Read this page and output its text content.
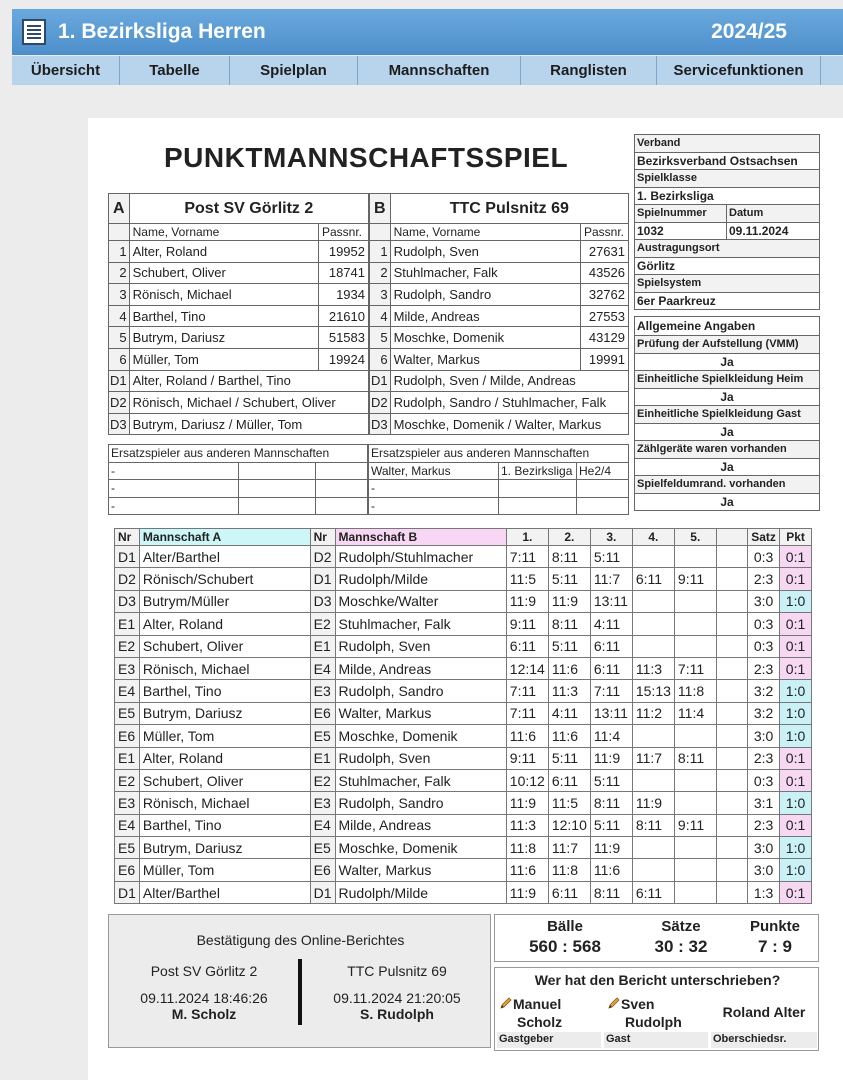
1. Bezirksliga Herren	2024/25
Übersicht	Tabelle	Spielplan	Mannschaften	Ranglisten	Servicefunktionen
PUNKTMANNSCHAFTSSPIEL
A	Post SV Görlitz 2	
	Name, Vorname	Passnr.
1	Alter, Roland	19952
2	Schubert, Oliver	18741
3	Rönisch, Michael	1934
4	Barthel, Tino	21610
5	Butrym, Dariusz	51583
6	Müller, Tom	19924
D1	Alter, Roland / Barthel, Tino	
D2	Rönisch, Michael / Schubert, Oliver	
D3	Butrym, Dariusz / Müller, Tom	
B	TTC Pulsnitz 69	
	Name, Vorname	Passnr.
1	Rudolph, Sven	27631
2	Stuhlmacher, Falk	43526
3	Rudolph, Sandro	32762
4	Milde, Andreas	27553
5	Moschke, Domenik	43129
6	Walter, Markus	19991
D1	Rudolph, Sven / Milde, Andreas	
D2	Rudolph, Sandro / Stuhlmacher, Falk	
D3	Moschke, Domenik / Walter, Markus	
Verband	
Bezirksverband Ostsachsen	
Spielklasse	
1. Bezirksliga	
Spielnummer	Datum
1032	09.11.2024
Austragungsort	
Görlitz	
Spielsystem	
6er Paarkreuz	
Allgemeine Angaben
Prüfung der Aufstellung (VMM)
Ja
Einheitliche Spielkleidung Heim
Ja
Einheitliche Spielkleidung Gast
Ja
Zählgeräte waren vorhanden
Ja
Spielfeldumrand. vorhanden
Ja
Ersatzspieler aus anderen Mannschaften		
-		
-		
-		
Ersatzspieler aus anderen Mannschaften		
Walter, Markus	1. Bezirksliga	He2/4
-		
-		
Nr	Mannschaft A	Nr	Mannschaft B	1.	2.	3.	4.	5.		Satz	Pkt
D1	Alter/Barthel	D2	Rudolph/Stuhlmacher	7:11	8:11	5:11				0:3	0:1
D2	Rönisch/Schubert	D1	Rudolph/Milde	11:5	5:11	11:7	6:11	9:11		2:3	0:1
D3	Butrym/Müller	D3	Moschke/Walter	11:9	11:9	13:11				3:0	1:0
E1	Alter, Roland	E2	Stuhlmacher, Falk	9:11	8:11	4:11				0:3	0:1
E2	Schubert, Oliver	E1	Rudolph, Sven	6:11	5:11	6:11				0:3	0:1
E3	Rönisch, Michael	E4	Milde, Andreas	12:14	11:6	6:11	11:3	7:11		2:3	0:1
E4	Barthel, Tino	E3	Rudolph, Sandro	7:11	11:3	7:11	15:13	11:8		3:2	1:0
E5	Butrym, Dariusz	E6	Walter, Markus	7:11	4:11	13:11	11:2	11:4		3:2	1:0
E6	Müller, Tom	E5	Moschke, Domenik	11:6	11:6	11:4				3:0	1:0
E1	Alter, Roland	E1	Rudolph, Sven	9:11	5:11	11:9	11:7	8:11		2:3	0:1
E2	Schubert, Oliver	E2	Stuhlmacher, Falk	10:12	6:11	5:11				0:3	0:1
E3	Rönisch, Michael	E3	Rudolph, Sandro	11:9	11:5	8:11	11:9			3:1	1:0
E4	Barthel, Tino	E4	Milde, Andreas	11:3	12:10	5:11	8:11	9:11		2:3	0:1
E5	Butrym, Dariusz	E5	Moschke, Domenik	11:8	11:7	11:9				3:0	1:0
E6	Müller, Tom	E6	Walter, Markus	11:6	11:8	11:6				3:0	1:0
D1	Alter/Barthel	D1	Rudolph/Milde	11:9	6:11	8:11	6:11			1:3	0:1
Bestätigung des Online-Berichtes
Post SV Görlitz 2
09.11.2024 18:46:26
M. Scholz
TTC Pulsnitz 69
09.11.2024 21:20:05
S. Rudolph
Bälle
560 : 568
Sätze
30 : 32
Punkte
7 : 9
Wer hat den Bericht unterschrieben?
Manuel
Scholz
Sven
Rudolph
Roland Alter
Gastgeber	Gast	Oberschiedsr.
